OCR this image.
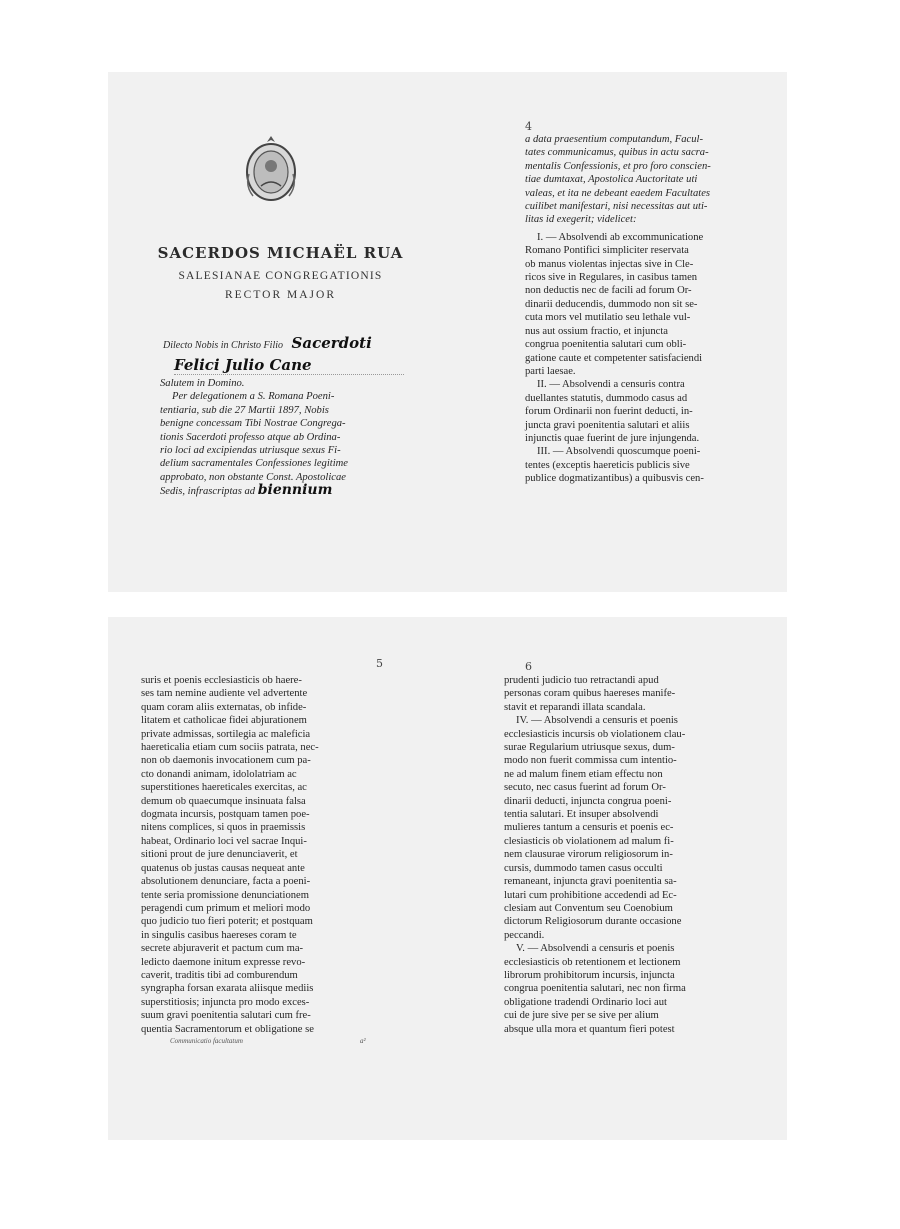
SACERDOS MICHAËL RUA
SALESIANAE CONGREGATIONIS
RECTOR MAJOR
Dilecto Nobis in Christo Filio Sacerdoti
Felici Julio Cane

Salutem in Domino.

Per delegationem a S. Romana Poeni-

tentiaria, sub die 27 Martii 1897, Nobis

benigne concessam Tibi Nostrae Congrega-

tionis Sacerdoti professo atque ab Ordina-

rio loci ad excipiendas utriusque sexus Fi-

delium sacramentales Confessiones legitime

approbato, non obstante Const. Apostolicae

Sedis, infrascriptas ad biennium

4

a data praesentium computandum, Facul-

tates communicamus, quibus in actu sacra-

mentalis Confessionis, et pro foro conscien-

tiae dumtaxat, Apostolica Auctoritate uti

valeas, et ita ne debeant eaedem Facultates

cuilibet manifestari, nisi necessitas aut uti-

litas id exegerit; videlicet:

I. — Absolvendi ab excommunicatione

Romano Pontifici simpliciter reservata

ob manus violentas injectas sive in Cle-

ricos sive in Regulares, in casibus tamen

non deductis nec de facili ad forum Or-

dinarii deducendis, dummodo non sit se-

cuta mors vel mutilatio seu lethale vul-

nus aut ossium fractio, et injuncta

congrua poenitentia salutari cum obli-

gatione caute et competenter satisfaciendi

parti laesae.

II. — Absolvendi a censuris contra

duellantes statutis, dummodo casus ad

forum Ordinarii non fuerint deducti, in-

juncta gravi poenitentia salutari et aliis

injunctis quae fuerint de jure injungenda.

III. — Absolvendi quoscumque poeni-

tentes (exceptis haereticis publicis sive

publice dogmatizantibus) a quibusvis cen-

5

suris et poenis ecclesiasticis ob haere-

ses tam nemine audiente vel advertente

quam coram aliis externatas, ob infide-

litatem et catholicae fidei abjurationem

private admissas, sortilegia ac maleficia

haereticalia etiam cum sociis patrata, nec-

non ob daemonis invocationem cum pa-

cto donandi animam, idololatriam ac

superstitiones haereticales exercitas, ac

demum ob quaecumque insinuata falsa

dogmata incursis, postquam tamen poe-

nitens complices, si quos in praemissis

habeat, Ordinario loci vel sacrae Inqui-

sitioni prout de jure denunciaverit, et

quatenus ob justas causas nequeat ante

absolutionem denunciare, facta a poeni-

tente seria promissione denunciationem

peragendi cum primum et meliori modo

quo judicio tuo fieri poterit; et postquam

in singulis casibus haereses coram te

secrete abjuraverit et pactum cum ma-

ledicto daemone initum expresse revo-

caverit, traditis tibi ad comburendum

syngrapha forsan exarata aliisque mediis

superstitiosis; injuncta pro modo exces-

suum gravi poenitentia salutari cum fre-

quentia Sacramentorum et obligatione se

Communicatio facultatum	a²
6

prudenti judicio tuo retractandi apud

personas coram quibus haereses manife-

stavit et reparandi illata scandala.

IV. — Absolvendi a censuris et poenis

ecclesiasticis incursis ob violationem clau-

surae Regularium utriusque sexus, dum-

modo non fuerit commissa cum intentio-

ne ad malum finem etiam effectu non

secuto, nec casus fuerint ad forum Or-

dinarii deducti, injuncta congrua poeni-

tentia salutari. Et insuper absolvendi

mulieres tantum a censuris et poenis ec-

clesiasticis ob violationem ad malum fi-

nem clausurae virorum religiosorum in-

cursis, dummodo tamen casus occulti

remaneant, injuncta gravi poenitentia sa-

lutari cum prohibitione accedendi ad Ec-

clesiam aut Conventum seu Coenobium

dictorum Religiosorum durante occasione

peccandi.

V. — Absolvendi a censuris et poenis

ecclesiasticis ob retentionem et lectionem

librorum prohibitorum incursis, injuncta

congrua poenitentia salutari, nec non firma

obligatione tradendi Ordinario loci aut

cui de jure sive per se sive per alium

absque ulla mora et quantum fieri potest
